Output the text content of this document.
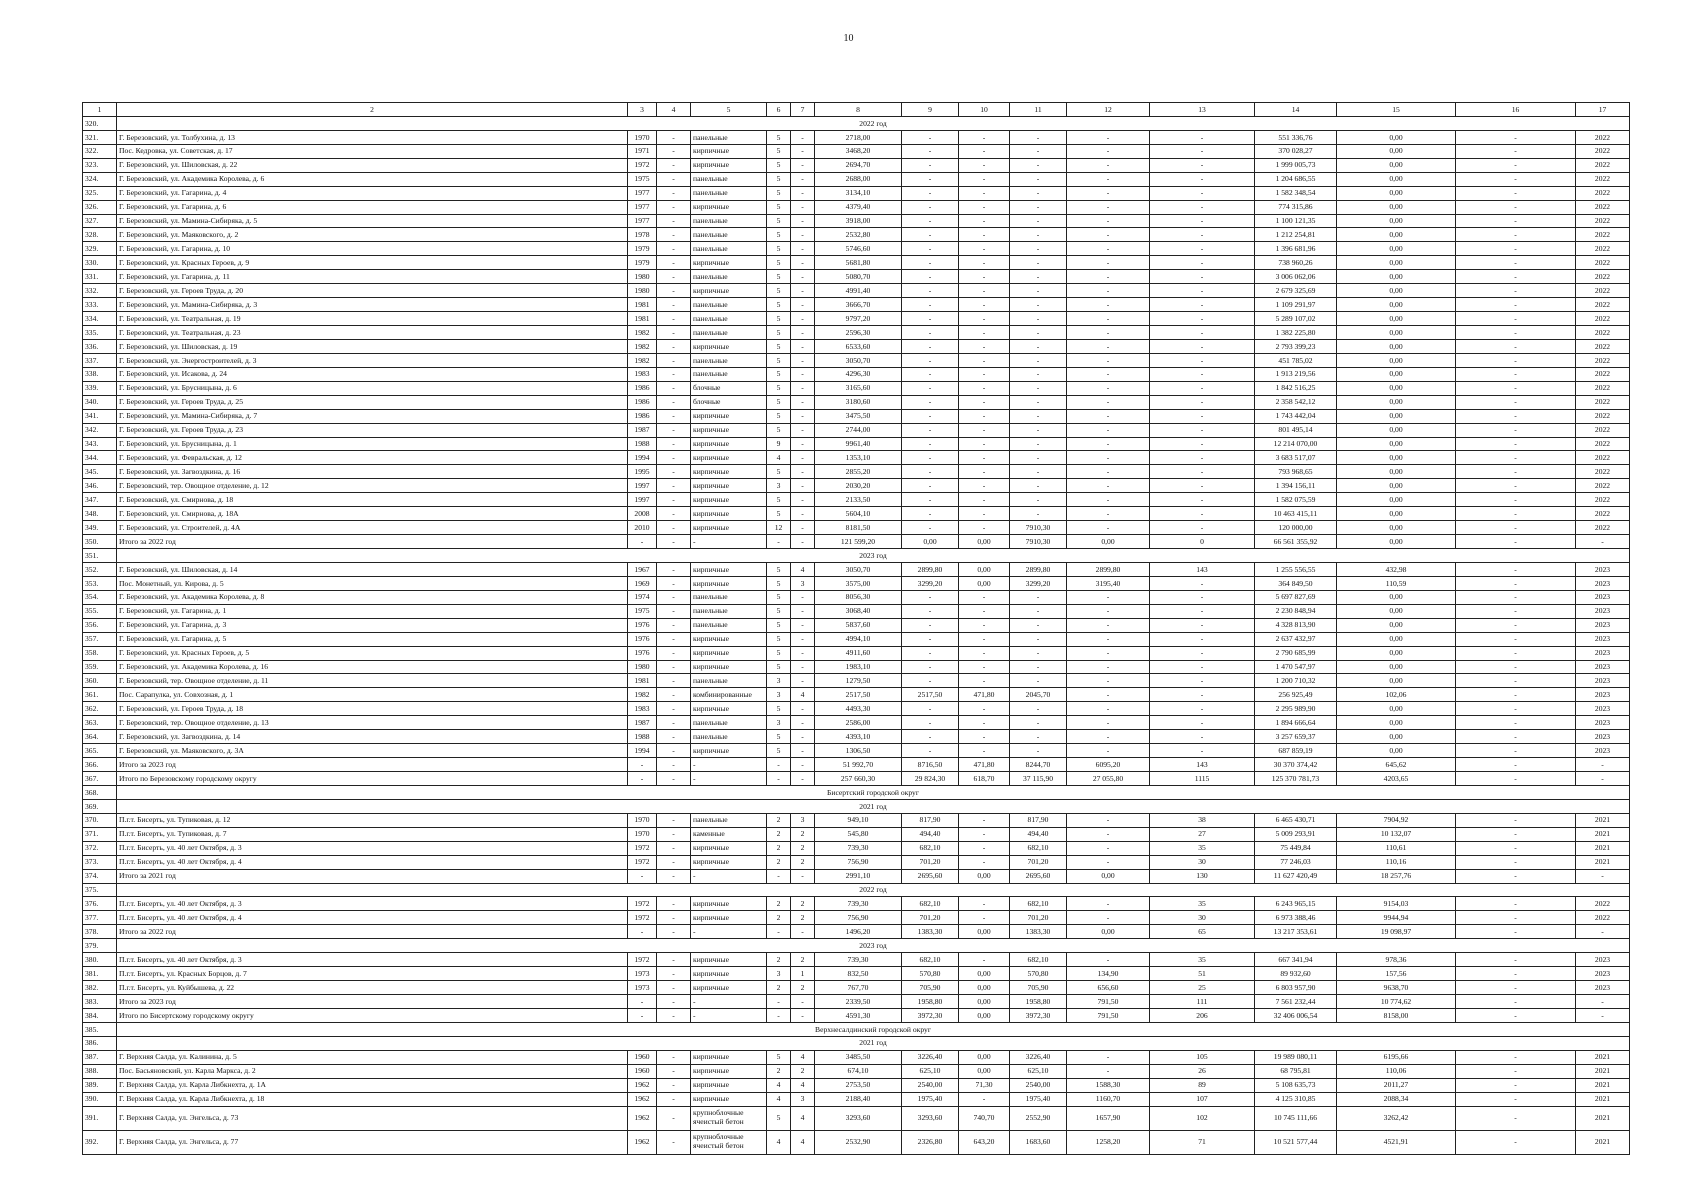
10
1	2	3	4	5	6	7	8	9	10	11	12	13	14	15	16	17
320.	2022 год															
321.	Г. Березовский, ул. Толбухина, д. 13	1970	-	панельные	5	-	2718,00	-	-	-	-	-	551 336,76	0,00	-	2022
322.	Пос. Кедровка, ул. Советская, д. 17	1971	-	кирпичные	5	-	3468,20	-	-	-	-	-	370 028,27	0,00	-	2022
323.	Г. Березовский, ул. Шиловская, д. 22	1972	-	кирпичные	5	-	2694,70	-	-	-	-	-	1 999 005,73	0,00	-	2022
324.	Г. Березовский, ул. Академика Королева, д. 6	1975	-	панельные	5	-	2688,00	-	-	-	-	-	1 204 686,55	0,00	-	2022
325.	Г. Березовский, ул. Гагарина, д. 4	1977	-	панельные	5	-	3134,10	-	-	-	-	-	1 582 348,54	0,00	-	2022
326.	Г. Березовский, ул. Гагарина, д. 6	1977	-	кирпичные	5	-	4379,40	-	-	-	-	-	774 315,86	0,00	-	2022
327.	Г. Березовский, ул. Мамина-Сибиряка, д. 5	1977	-	панельные	5	-	3918,00	-	-	-	-	-	1 100 121,35	0,00	-	2022
328.	Г. Березовский, ул. Маяковского, д. 2	1978	-	панельные	5	-	2532,80	-	-	-	-	-	1 212 254,81	0,00	-	2022
329.	Г. Березовский, ул. Гагарина, д. 10	1979	-	панельные	5	-	5746,60	-	-	-	-	-	1 396 681,96	0,00	-	2022
330.	Г. Березовский, ул. Красных Героев, д. 9	1979	-	кирпичные	5	-	5681,80	-	-	-	-	-	738 960,26	0,00	-	2022
331.	Г. Березовский, ул. Гагарина, д. 11	1980	-	панельные	5	-	5080,70	-	-	-	-	-	3 006 062,06	0,00	-	2022
332.	Г. Березовский, ул. Героев Труда, д. 20	1980	-	кирпичные	5	-	4991,40	-	-	-	-	-	2 679 325,69	0,00	-	2022
333.	Г. Березовский, ул. Мамина-Сибиряка, д. 3	1981	-	панельные	5	-	3666,70	-	-	-	-	-	1 109 291,97	0,00	-	2022
334.	Г. Березовский, ул. Театральная, д. 19	1981	-	панельные	5	-	9797,20	-	-	-	-	-	5 289 107,02	0,00	-	2022
335.	Г. Березовский, ул. Театральная, д. 23	1982	-	панельные	5	-	2596,30	-	-	-	-	-	1 382 225,80	0,00	-	2022
336.	Г. Березовский, ул. Шиловская, д. 19	1982	-	кирпичные	5	-	6533,60	-	-	-	-	-	2 793 399,23	0,00	-	2022
337.	Г. Березовский, ул. Энергостроителей, д. 3	1982	-	панельные	5	-	3050,70	-	-	-	-	-	451 785,02	0,00	-	2022
338.	Г. Березовский, ул. Исакова, д. 24	1983	-	панельные	5	-	4296,30	-	-	-	-	-	1 913 219,56	0,00	-	2022
339.	Г. Березовский, ул. Брусницына, д. 6	1986	-	блочные	5	-	3165,60	-	-	-	-	-	1 842 516,25	0,00	-	2022
340.	Г. Березовский, ул. Героев Труда, д. 25	1986	-	блочные	5	-	3180,60	-	-	-	-	-	2 358 542,12	0,00	-	2022
341.	Г. Березовский, ул. Мамина-Сибиряка, д. 7	1986	-	кирпичные	5	-	3475,50	-	-	-	-	-	1 743 442,04	0,00	-	2022
342.	Г. Березовский, ул. Героев Труда, д. 23	1987	-	кирпичные	5	-	2744,00	-	-	-	-	-	801 495,14	0,00	-	2022
343.	Г. Березовский, ул. Брусницына, д. 1	1988	-	кирпичные	9	-	9961,40	-	-	-	-	-	12 214 070,00	0,00	-	2022
344.	Г. Березовский, ул. Февральская, д. 12	1994	-	кирпичные	4	-	1353,10	-	-	-	-	-	3 683 517,07	0,00	-	2022
345.	Г. Березовский, ул. Загвоздкина, д. 16	1995	-	кирпичные	5	-	2855,20	-	-	-	-	-	793 968,65	0,00	-	2022
346.	Г. Березовский, тер. Овощное отделение, д. 12	1997	-	кирпичные	3	-	2030,20	-	-	-	-	-	1 394 156,11	0,00	-	2022
347.	Г. Березовский, ул. Смирнова, д. 18	1997	-	кирпичные	5	-	2133,50	-	-	-	-	-	1 582 075,59	0,00	-	2022
348.	Г. Березовский, ул. Смирнова, д. 18А	2008	-	кирпичные	5	-	5604,10	-	-	-	-	-	10 463 415,11	0,00	-	2022
349.	Г. Березовский, ул. Строителей, д. 4А	2010	-	кирпичные	12	-	8181,50	-	-	7910,30	-	-	120 000,00	0,00	-	2022
350.	Итого за 2022 год	-	-	-	-	-	121 599,20	0,00	0,00	7910,30	0,00	0	66 561 355,92	0,00	-	-
351.	2023 год															
352.	Г. Березовский, ул. Шиловская, д. 14	1967	-	кирпичные	5	4	3050,70	2899,80	0,00	2899,80	2899,80	143	1 255 556,55	432,98	-	2023
353.	Пос. Монетный, ул. Кирова, д. 5	1969	-	кирпичные	5	3	3575,00	3299,20	0,00	3299,20	3195,40	-	364 849,50	110,59	-	2023
354.	Г. Березовский, ул. Академика Королева, д. 8	1974	-	панельные	5	-	8056,30	-	-	-	-	-	5 697 827,69	0,00	-	2023
355.	Г. Березовский, ул. Гагарина, д. 1	1975	-	панельные	5	-	3068,40	-	-	-	-	-	2 230 848,94	0,00	-	2023
356.	Г. Березовский, ул. Гагарина, д. 3	1976	-	панельные	5	-	5837,60	-	-	-	-	-	4 328 813,90	0,00	-	2023
357.	Г. Березовский, ул. Гагарина, д. 5	1976	-	кирпичные	5	-	4994,10	-	-	-	-	-	2 637 432,97	0,00	-	2023
358.	Г. Березовский, ул. Красных Героев, д. 5	1976	-	кирпичные	5	-	4911,60	-	-	-	-	-	2 790 685,99	0,00	-	2023
359.	Г. Березовский, ул. Академика Королева, д. 16	1980	-	кирпичные	5	-	1983,10	-	-	-	-	-	1 470 547,97	0,00	-	2023
360.	Г. Березовский, тер. Овощное отделение, д. 11	1981	-	панельные	3	-	1279,50	-	-	-	-	-	1 200 710,32	0,00	-	2023
361.	Пос. Сарапулка, ул. Совхозная, д. 1	1982	-	комбинированные	3	4	2517,50	2517,50	471,80	2045,70	-	-	256 925,49	102,06	-	2023
362.	Г. Березовский, ул. Героев Труда, д. 18	1983	-	кирпичные	5	-	4493,30	-	-	-	-	-	2 295 989,90	0,00	-	2023
363.	Г. Березовский, тер. Овощное отделение, д. 13	1987	-	панельные	3	-	2586,00	-	-	-	-	-	1 894 666,64	0,00	-	2023
364.	Г. Березовский, ул. Загвоздкина, д. 14	1988	-	панельные	5	-	4393,10	-	-	-	-	-	3 257 659,37	0,00	-	2023
365.	Г. Березовский, ул. Маяковского, д. 3А	1994	-	кирпичные	5	-	1306,50	-	-	-	-	-	687 859,19	0,00	-	2023
366.	Итого за 2023 год	-	-	-	-	-	51 992,70	8716,50	471,80	8244,70	6095,20	143	30 370 374,42	645,62	-	-
367.	Итого по Березовскому городскому округу	-	-	-	-	-	257 660,30	29 824,30	618,70	37 115,90	27 055,80	1115	125 370 781,73	4203,65	-	-
368.	Бисертский городской округ															
369.	2021 год															
370.	П.г.т. Бисерть, ул. Тупиковая, д. 12	1970	-	панельные	2	3	949,10	817,90	-	817,90	-	38	6 465 430,71	7904,92	-	2021
371.	П.г.т. Бисерть, ул. Тупиковая, д. 7	1970	-	каменные	2	2	545,80	494,40	-	494,40	-	27	5 009 293,91	10 132,07	-	2021
372.	П.г.т. Бисерть, ул. 40 лет Октября, д. 3	1972	-	кирпичные	2	2	739,30	682,10	-	682,10	-	35	75 449,84	110,61	-	2021
373.	П.г.т. Бисерть, ул. 40 лет Октября, д. 4	1972	-	кирпичные	2	2	756,90	701,20	-	701,20	-	30	77 246,03	110,16	-	2021
374.	Итого за 2021 год	-	-	-	-	-	2991,10	2695,60	0,00	2695,60	0,00	130	11 627 420,49	18 257,76	-	-
375.	2022 год															
376.	П.г.т. Бисерть, ул. 40 лет Октября, д. 3	1972	-	кирпичные	2	2	739,30	682,10	-	682,10	-	35	6 243 965,15	9154,03	-	2022
377.	П.г.т. Бисерть, ул. 40 лет Октября, д. 4	1972	-	кирпичные	2	2	756,90	701,20	-	701,20	-	30	6 973 388,46	9944,94	-	2022
378.	Итого за 2022 год	-	-	-	-	-	1496,20	1383,30	0,00	1383,30	0,00	65	13 217 353,61	19 098,97	-	-
379.	2023 год															
380.	П.г.т. Бисерть, ул. 40 лет Октября, д. 3	1972	-	кирпичные	2	2	739,30	682,10	-	682,10	-	35	667 341,94	978,36	-	2023
381.	П.г.т. Бисерть, ул. Красных Борцов, д. 7	1973	-	кирпичные	3	1	832,50	570,80	0,00	570,80	134,90	51	89 932,60	157,56	-	2023
382.	П.г.т. Бисерть, ул. Куйбышева, д. 22	1973	-	кирпичные	2	2	767,70	705,90	0,00	705,90	656,60	25	6 803 957,90	9638,70	-	2023
383.	Итого за 2023 год	-	-	-	-	-	2339,50	1958,80	0,00	1958,80	791,50	111	7 561 232,44	10 774,62	-	-
384.	Итого по Бисертскому городскому округу	-	-	-	-	-	4591,30	3972,30	0,00	3972,30	791,50	206	32 406 006,54	8158,00	-	-
385.	Верхнесалдинский городской округ															
386.	2021 год															
387.	Г. Верхняя Салда, ул. Калинина, д. 5	1960	-	кирпичные	5	4	3485,50	3226,40	0,00	3226,40	-	105	19 989 080,11	6195,66	-	2021
388.	Пос. Басьяновский, ул. Карла Маркса, д. 2	1960	-	кирпичные	2	2	674,10	625,10	0,00	625,10	-	26	68 795,81	110,06	-	2021
389.	Г. Верхняя Салда, ул. Карла Либкнехта, д. 1А	1962	-	кирпичные	4	4	2753,50	2540,00	71,30	2540,00	1588,30	89	5 108 635,73	2011,27	-	2021
390.	Г. Верхняя Салда, ул. Карла Либкнехта, д. 18	1962	-	кирпичные	4	3	2188,40	1975,40	-	1975,40	1160,70	107	4 125 310,85	2088,34	-	2021
391.	Г. Верхняя Салда, ул. Энгельса, д. 73	1962	-	крупноблочные ячеистый бетон	5	4	3293,60	3293,60	740,70	2552,90	1657,90	102	10 745 111,66	3262,42	-	2021
392.	Г. Верхняя Салда, ул. Энгельса, д. 77	1962	-	крупноблочные ячеистый бетон	4	4	2532,90	2326,80	643,20	1683,60	1258,20	71	10 521 577,44	4521,91	-	2021
